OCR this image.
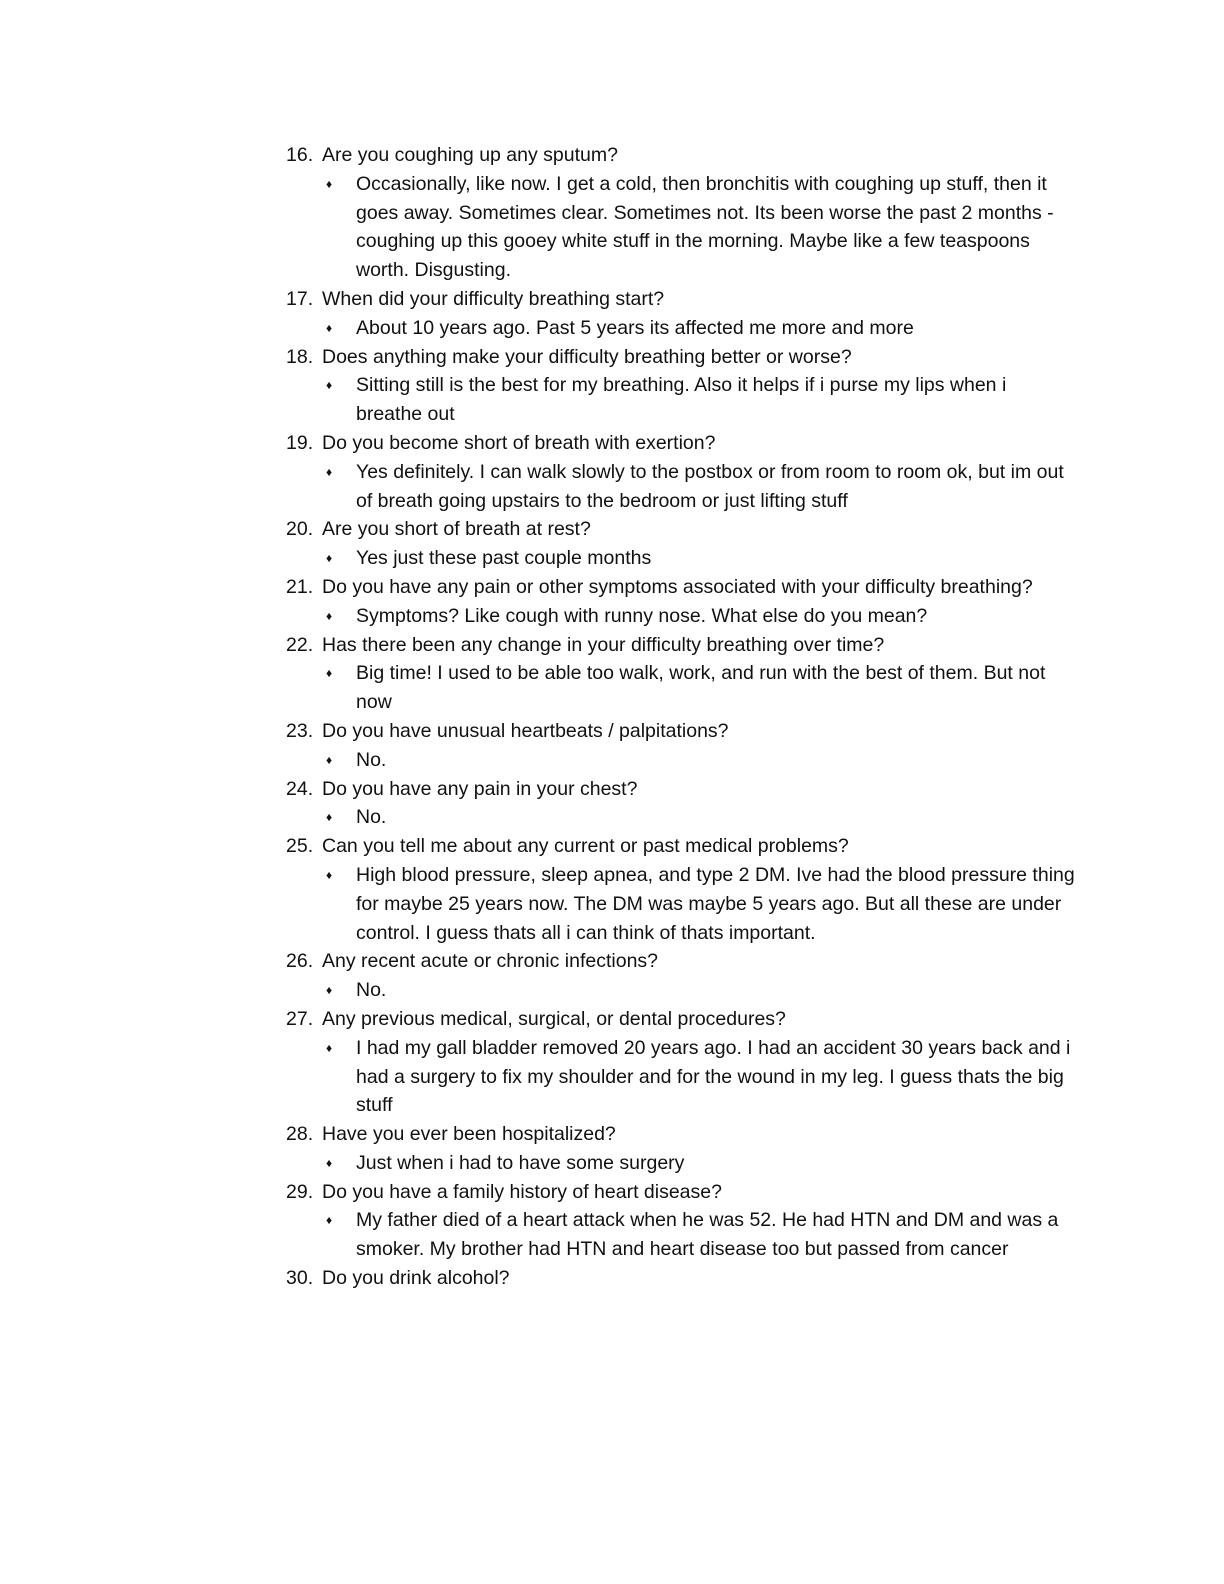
16. Are you coughing up any sputum?
♦ Occasionally, like now. I get a cold, then bronchitis with coughing up stuff, then it goes away. Sometimes clear. Sometimes not. Its been worse the past 2 months - coughing up this gooey white stuff in the morning. Maybe like a few teaspoons worth. Disgusting.
17. When did your difficulty breathing start?
♦ About 10 years ago. Past 5 years its affected me more and more
18. Does anything make your difficulty breathing better or worse?
♦ Sitting still is the best for my breathing. Also it helps if i purse my lips when i breathe out
19. Do you become short of breath with exertion?
♦ Yes definitely. I can walk slowly to the postbox or from room to room ok, but im out of breath going upstairs to the bedroom or just lifting stuff
20. Are you short of breath at rest?
♦ Yes just these past couple months
21. Do you have any pain or other symptoms associated with your difficulty breathing?
♦ Symptoms? Like cough with runny nose. What else do you mean?
22. Has there been any change in your difficulty breathing over time?
♦ Big time! I used to be able too walk, work, and run with the best of them. But not now
23. Do you have unusual heartbeats / palpitations?
♦ No.
24. Do you have any pain in your chest?
♦ No.
25. Can you tell me about any current or past medical problems?
♦ High blood pressure, sleep apnea, and type 2 DM. Ive had the blood pressure thing for maybe 25 years now. The DM was maybe 5 years ago. But all these are under control. I guess thats all i can think of thats important.
26. Any recent acute or chronic infections?
♦ No.
27. Any previous medical, surgical, or dental procedures?
♦ I had my gall bladder removed 20 years ago. I had an accident 30 years back and i had a surgery to fix my shoulder and for the wound in my leg. I guess thats the big stuff
28. Have you ever been hospitalized?
♦ Just when i had to have some surgery
29. Do you have a family history of heart disease?
♦ My father died of a heart attack when he was 52. He had HTN and DM and was a smoker. My brother had HTN and heart disease too but passed from cancer
30. Do you drink alcohol?
